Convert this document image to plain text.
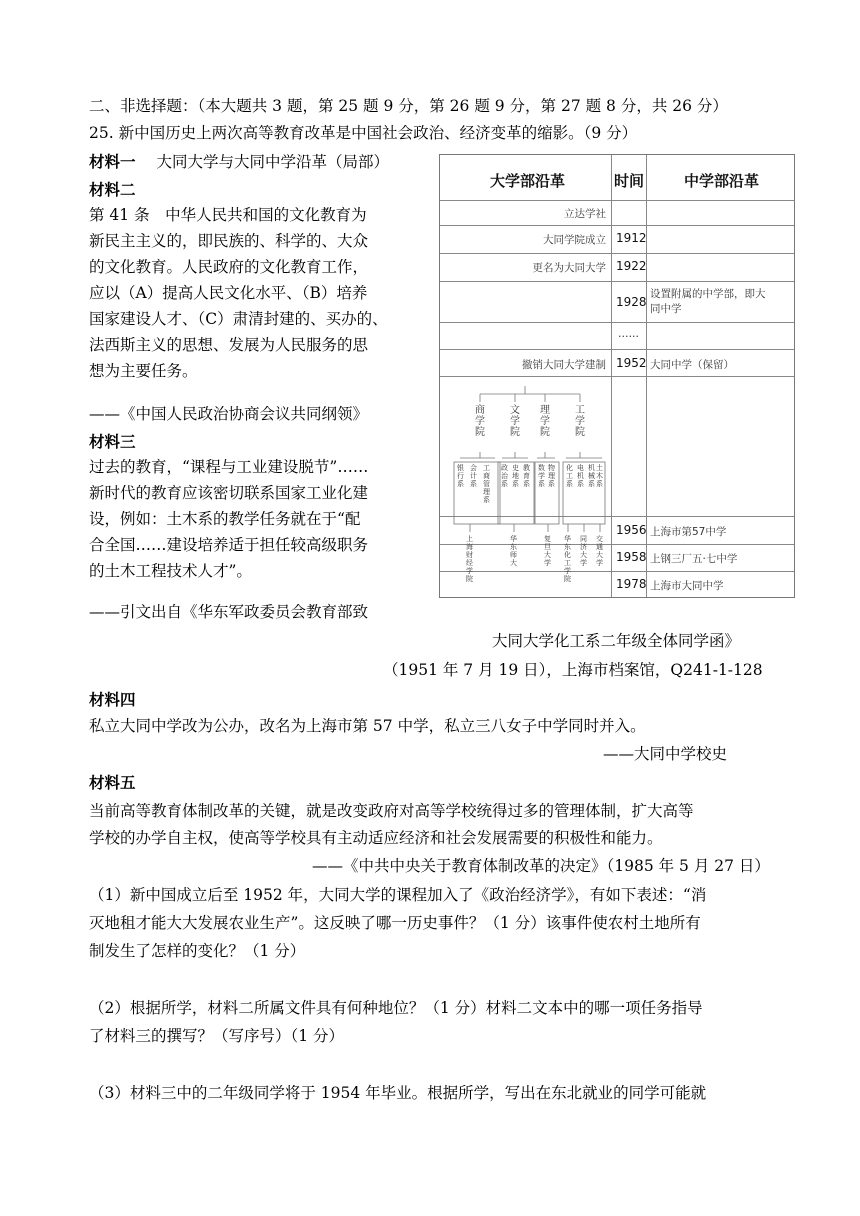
二、非选择题：（本大题共 3 题，第 25 题 9 分，第 26 题 9 分，第 27 题 8 分，共 26 分）
25. 新中国历史上两次高等教育改革是中国社会政治、经济变革的缩影。（9 分）
材料一 大同大学与大同中学沿革（局部）
材料二
第 41 条　中华人民共和国的文化教育为
新民主主义的，即民族的、科学的、大众
的文化教育。人民政府的文化教育工作，
应以（A）提高人民文化水平、（B）培养
国家建设人才、（C）肃清封建的、买办的、
法西斯主义的思想、发展为人民服务的思
想为主要任务。
——《中国人民政治协商会议共同纲领》
材料三
过去的教育，“课程与工业建设脱节”……
新时代的教育应该密切联系国家工业化建
设，例如：土木系的教学任务就在于“配
合全国……建设培养适于担任较高级职务
的土木工程技术人才”。
——引文出自《华东军政委员会教育部致
大同大学化工系二年级全体同学函》
（1951 年 7 月 19 日），上海市档案馆，Q241-1-128
材料四
私立大同中学改为公办，改名为上海市第 57 中学，私立三八女子中学同时并入。
——大同中学校史
材料五
当前高等教育体制改革的关键，就是改变政府对高等学校统得过多的管理体制，扩大高等
学校的办学自主权，使高等学校具有主动适应经济和社会发展需要的积极性和能力。
——《中共中央关于教育体制改革的决定》（1985 年 5 月 27 日）
（1）新中国成立后至 1952 年，大同大学的课程加入了《政治经济学》，有如下表述：“消
灭地租才能大大发展农业生产”。这反映了哪一历史事件？（1 分）该事件使农村土地所有
制发生了怎样的变化？（1 分）
（2）根据所学，材料二所属文件具有何种地位？（1 分）材料二文本中的哪一项任务指导
了材料三的撰写？（写序号）（1 分）
（3）材料三中的二年级同学将于 1954 年毕业。根据所学，写出在东北就业的同学可能就
大学部沿革	时间	中学部沿革
立达学社
大同学院成立 1912
更名为大同大学 1922
1928
设置附属的中学部，即大
同中学
……
撤销大同大学建制 1952 大同中学（保留）
1956 上海市第57中学
1958 上钢三厂五·七中学
1978 上海市大同中学
商学院
文学院
理学院
工学院
银行系
会计系
工商管理系
政治系
史地系
教育系
数学系
物理系
化工系
电机系
机械系
土木系
上海财经学院
华东师大
复旦大学
华东化工学院
同济大学
交通大学
